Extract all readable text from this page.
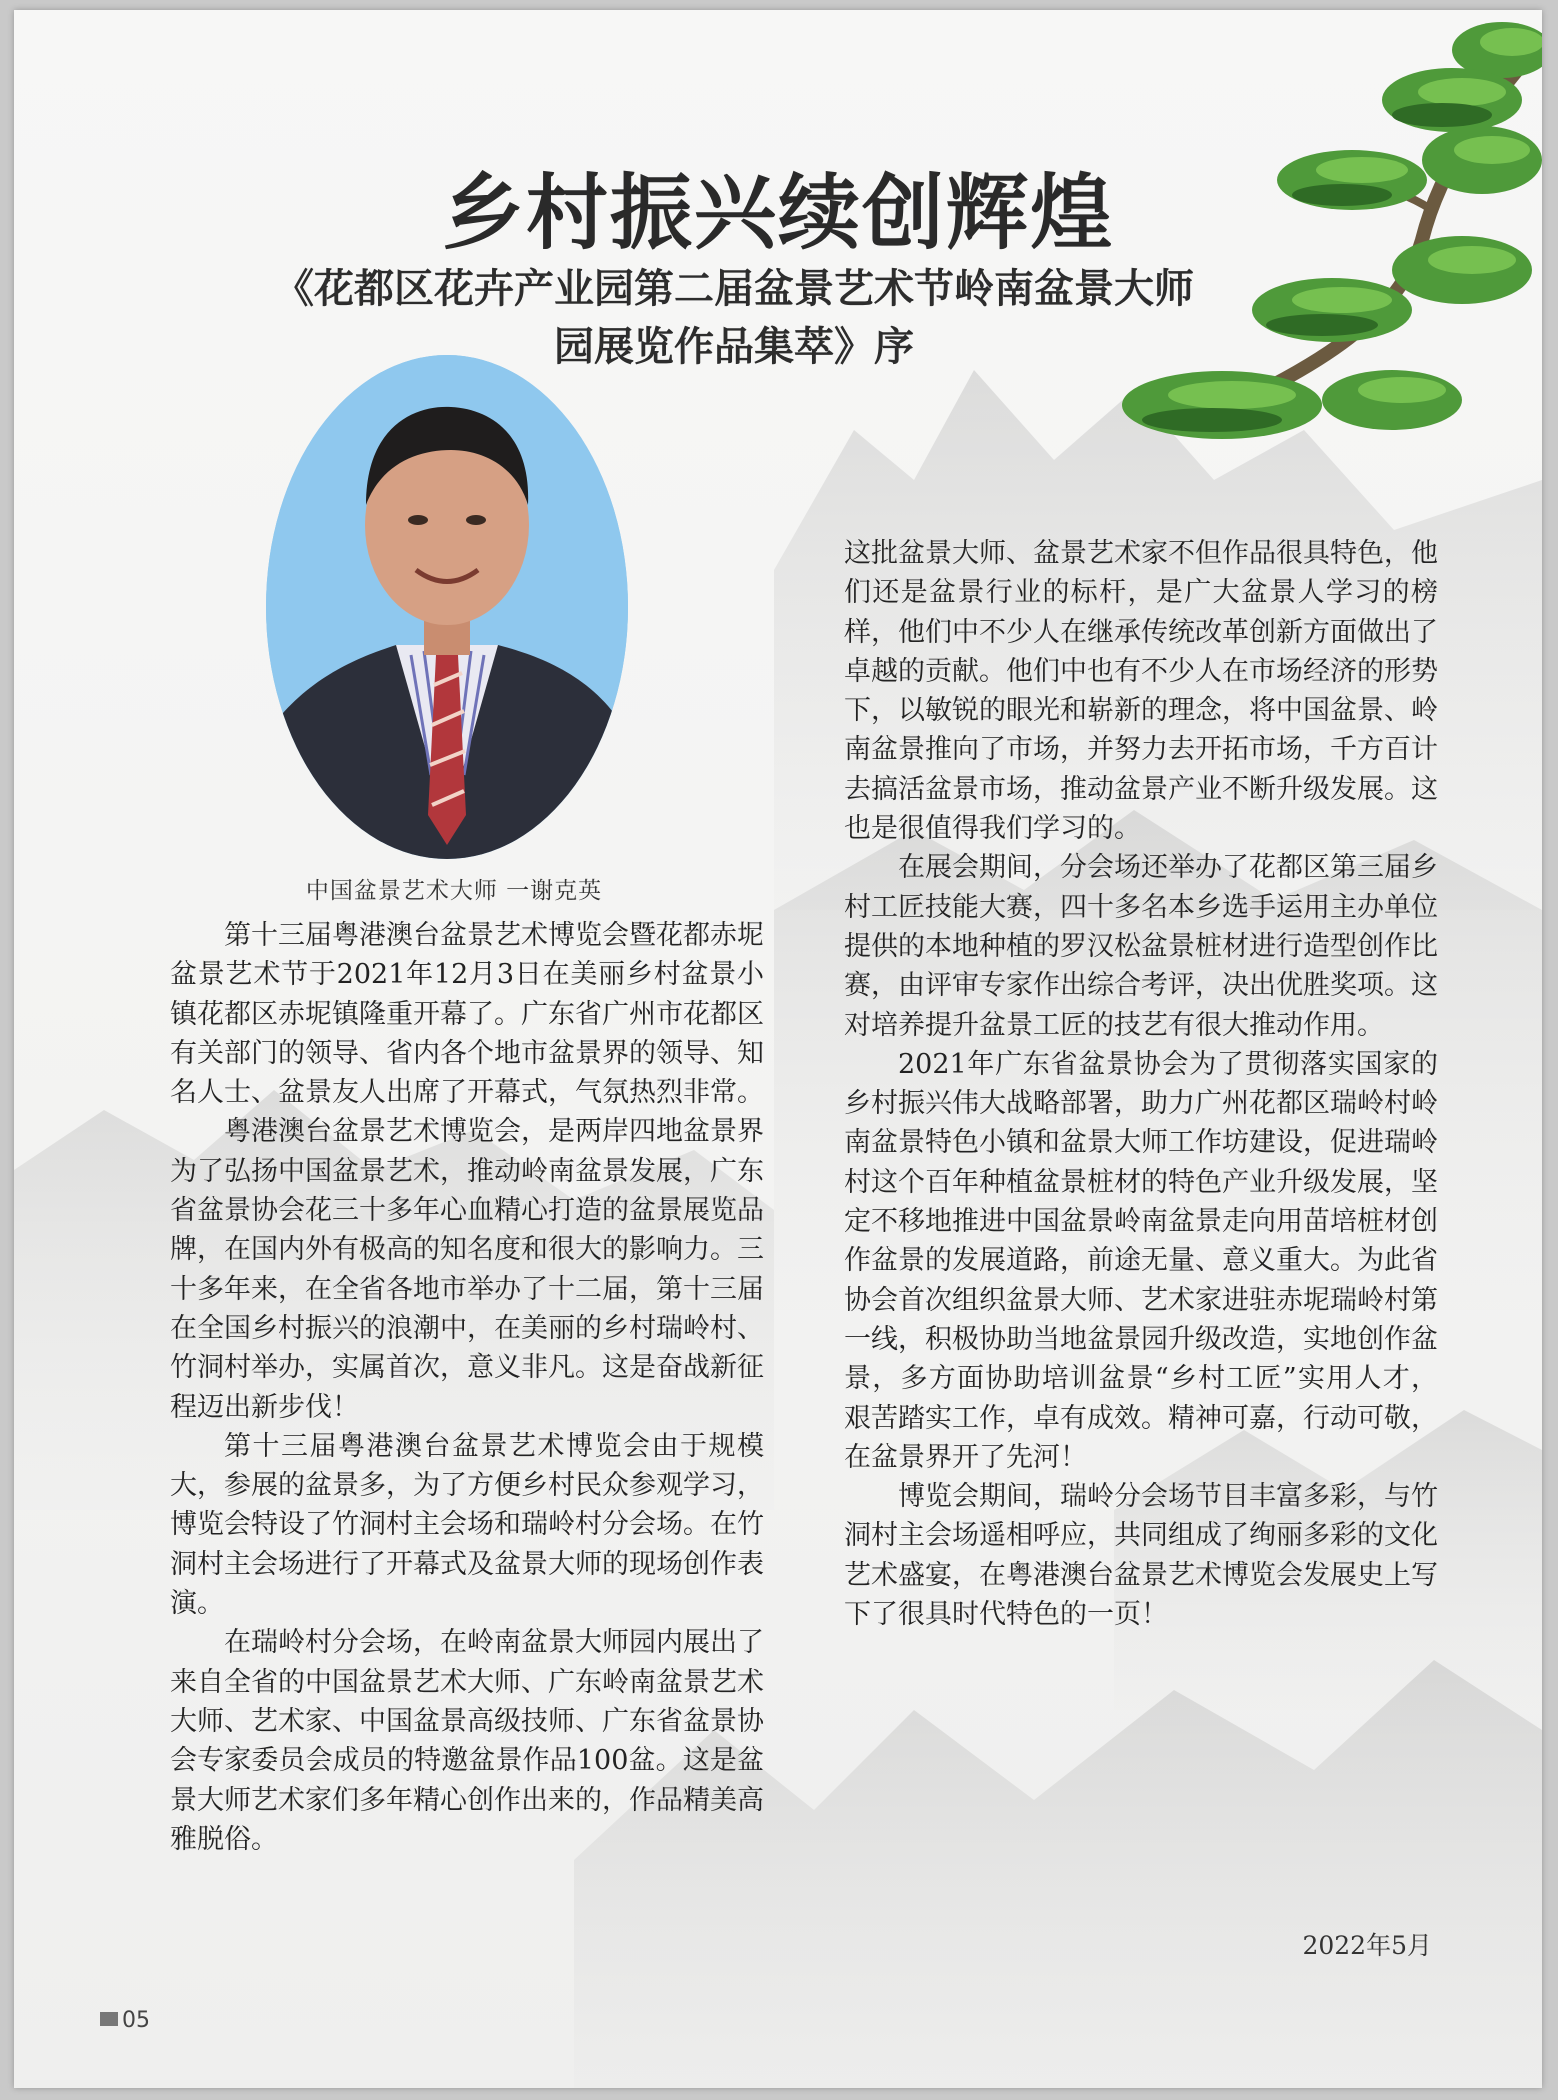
乡村振兴续创辉煌
《花都区花卉产业园第二届盆景艺术节岭南盆景大师
园展览作品集萃》序
中国盆景艺术大师 一谢克英

第十三届粤港澳台盆景艺术博览会暨花都赤坭盆景艺术节于2021年12月3日在美丽乡村盆景小镇花都区赤坭镇隆重开幕了。广东省广州市花都区有关部门的领导、省内各个地市盆景界的领导、知名人士、盆景友人出席了开幕式，气氛热烈非常。

粤港澳台盆景艺术博览会，是两岸四地盆景界为了弘扬中国盆景艺术，推动岭南盆景发展，广东省盆景协会花三十多年心血精心打造的盆景展览品牌，在国内外有极高的知名度和很大的影响力。三十多年来，在全省各地市举办了十二届，第十三届在全国乡村振兴的浪潮中，在美丽的乡村瑞岭村、竹洞村举办，实属首次，意义非凡。这是奋战新征程迈出新步伐！

第十三届粤港澳台盆景艺术博览会由于规模大，参展的盆景多，为了方便乡村民众参观学习，博览会特设了竹洞村主会场和瑞岭村分会场。在竹洞村主会场进行了开幕式及盆景大师的现场创作表演。

在瑞岭村分会场，在岭南盆景大师园内展出了来自全省的中国盆景艺术大师、广东岭南盆景艺术大师、艺术家、中国盆景高级技师、广东省盆景协会专家委员会成员的特邀盆景作品100盆。这是盆景大师艺术家们多年精心创作出来的，作品精美高雅脱俗。

这批盆景大师、盆景艺术家不但作品很具特色，他们还是盆景行业的标杆，是广大盆景人学习的榜样，他们中不少人在继承传统改革创新方面做出了卓越的贡献。他们中也有不少人在市场经济的形势下，以敏锐的眼光和崭新的理念，将中国盆景、岭南盆景推向了市场，并努力去开拓市场，千方百计去搞活盆景市场，推动盆景产业不断升级发展。这也是很值得我们学习的。

在展会期间，分会场还举办了花都区第三届乡村工匠技能大赛，四十多名本乡选手运用主办单位提供的本地种植的罗汉松盆景桩材进行造型创作比赛，由评审专家作出综合考评，决出优胜奖项。这对培养提升盆景工匠的技艺有很大推动作用。

2021年广东省盆景协会为了贯彻落实国家的乡村振兴伟大战略部署，助力广州花都区瑞岭村岭南盆景特色小镇和盆景大师工作坊建设，促进瑞岭村这个百年种植盆景桩材的特色产业升级发展，坚定不移地推进中国盆景岭南盆景走向用苗培桩材创作盆景的发展道路，前途无量、意义重大。为此省协会首次组织盆景大师、艺术家进驻赤坭瑞岭村第一线，积极协助当地盆景园升级改造，实地创作盆景，多方面协助培训盆景“乡村工匠”实用人才，艰苦踏实工作，卓有成效。精神可嘉，行动可敬，在盆景界开了先河！

博览会期间，瑞岭分会场节目丰富多彩，与竹洞村主会场遥相呼应，共同组成了绚丽多彩的文化艺术盛宴，在粤港澳台盆景艺术博览会发展史上写下了很具时代特色的一页！

2022年5月
05
